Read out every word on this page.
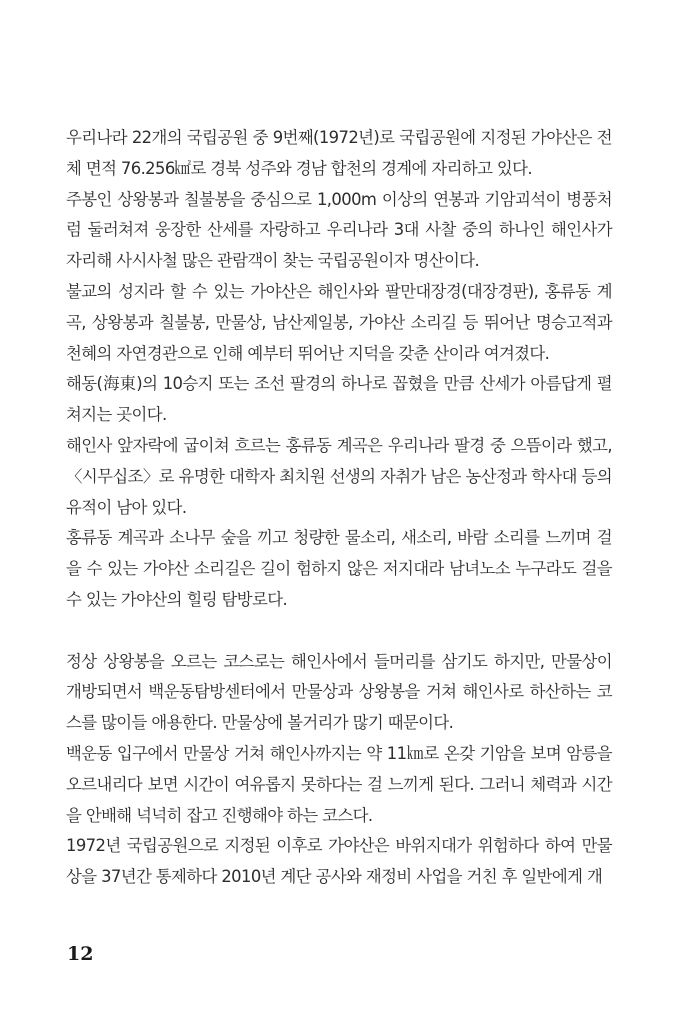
우리나라 22개의 국립공원 중 9번째(1972년)로 국립공원에 지정된 가야산은 전체 면적 76.256㎢로 경북 성주와 경남 합천의 경계에 자리하고 있다.

주봉인 상왕봉과 칠불봉을 중심으로 1,000m 이상의 연봉과 기암괴석이 병풍처럼 둘러쳐져 웅장한 산세를 자랑하고 우리나라 3대 사찰 중의 하나인 해인사가 자리해 사시사철 많은 관람객이 찾는 국립공원이자 명산이다.

불교의 성지라 할 수 있는 가야산은 해인사와 팔만대장경(대장경판), 홍류동 계곡, 상왕봉과 칠불봉, 만물상, 남산제일봉, 가야산 소리길 등 뛰어난 명승고적과 천혜의 자연경관으로 인해 예부터 뛰어난 지덕을 갖춘 산이라 여겨졌다.

해동(海東)의 10승지 또는 조선 팔경의 하나로 꼽혔을 만큼 산세가 아름답게 펼쳐지는 곳이다.

해인사 앞자락에 굽이쳐 흐르는 홍류동 계곡은 우리나라 팔경 중 으뜸이라 했고, 〈시무십조〉로 유명한 대학자 최치원 선생의 자취가 남은 농산정과 학사대 등의 유적이 남아 있다.

홍류동 계곡과 소나무 숲을 끼고 청량한 물소리, 새소리, 바람 소리를 느끼며 걸을 수 있는 가야산 소리길은 길이 험하지 않은 저지대라 남녀노소 누구라도 걸을 수 있는 가야산의 힐링 탐방로다.

정상 상왕봉을 오르는 코스로는 해인사에서 들머리를 삼기도 하지만, 만물상이 개방되면서 백운동탐방센터에서 만물상과 상왕봉을 거쳐 해인사로 하산하는 코스를 많이들 애용한다. 만물상에 볼거리가 많기 때문이다.

백운동 입구에서 만물상 거쳐 해인사까지는 약 11㎞로 온갖 기암을 보며 암릉을 오르내리다 보면 시간이 여유롭지 못하다는 걸 느끼게 된다. 그러니 체력과 시간을 안배해 넉넉히 잡고 진행해야 하는 코스다.

1972년 국립공원으로 지정된 이후로 가야산은 바위지대가 위험하다 하여 만물상을 37년간 통제하다 2010년 계단 공사와 재정비 사업을 거친 후 일반에게 개

12
